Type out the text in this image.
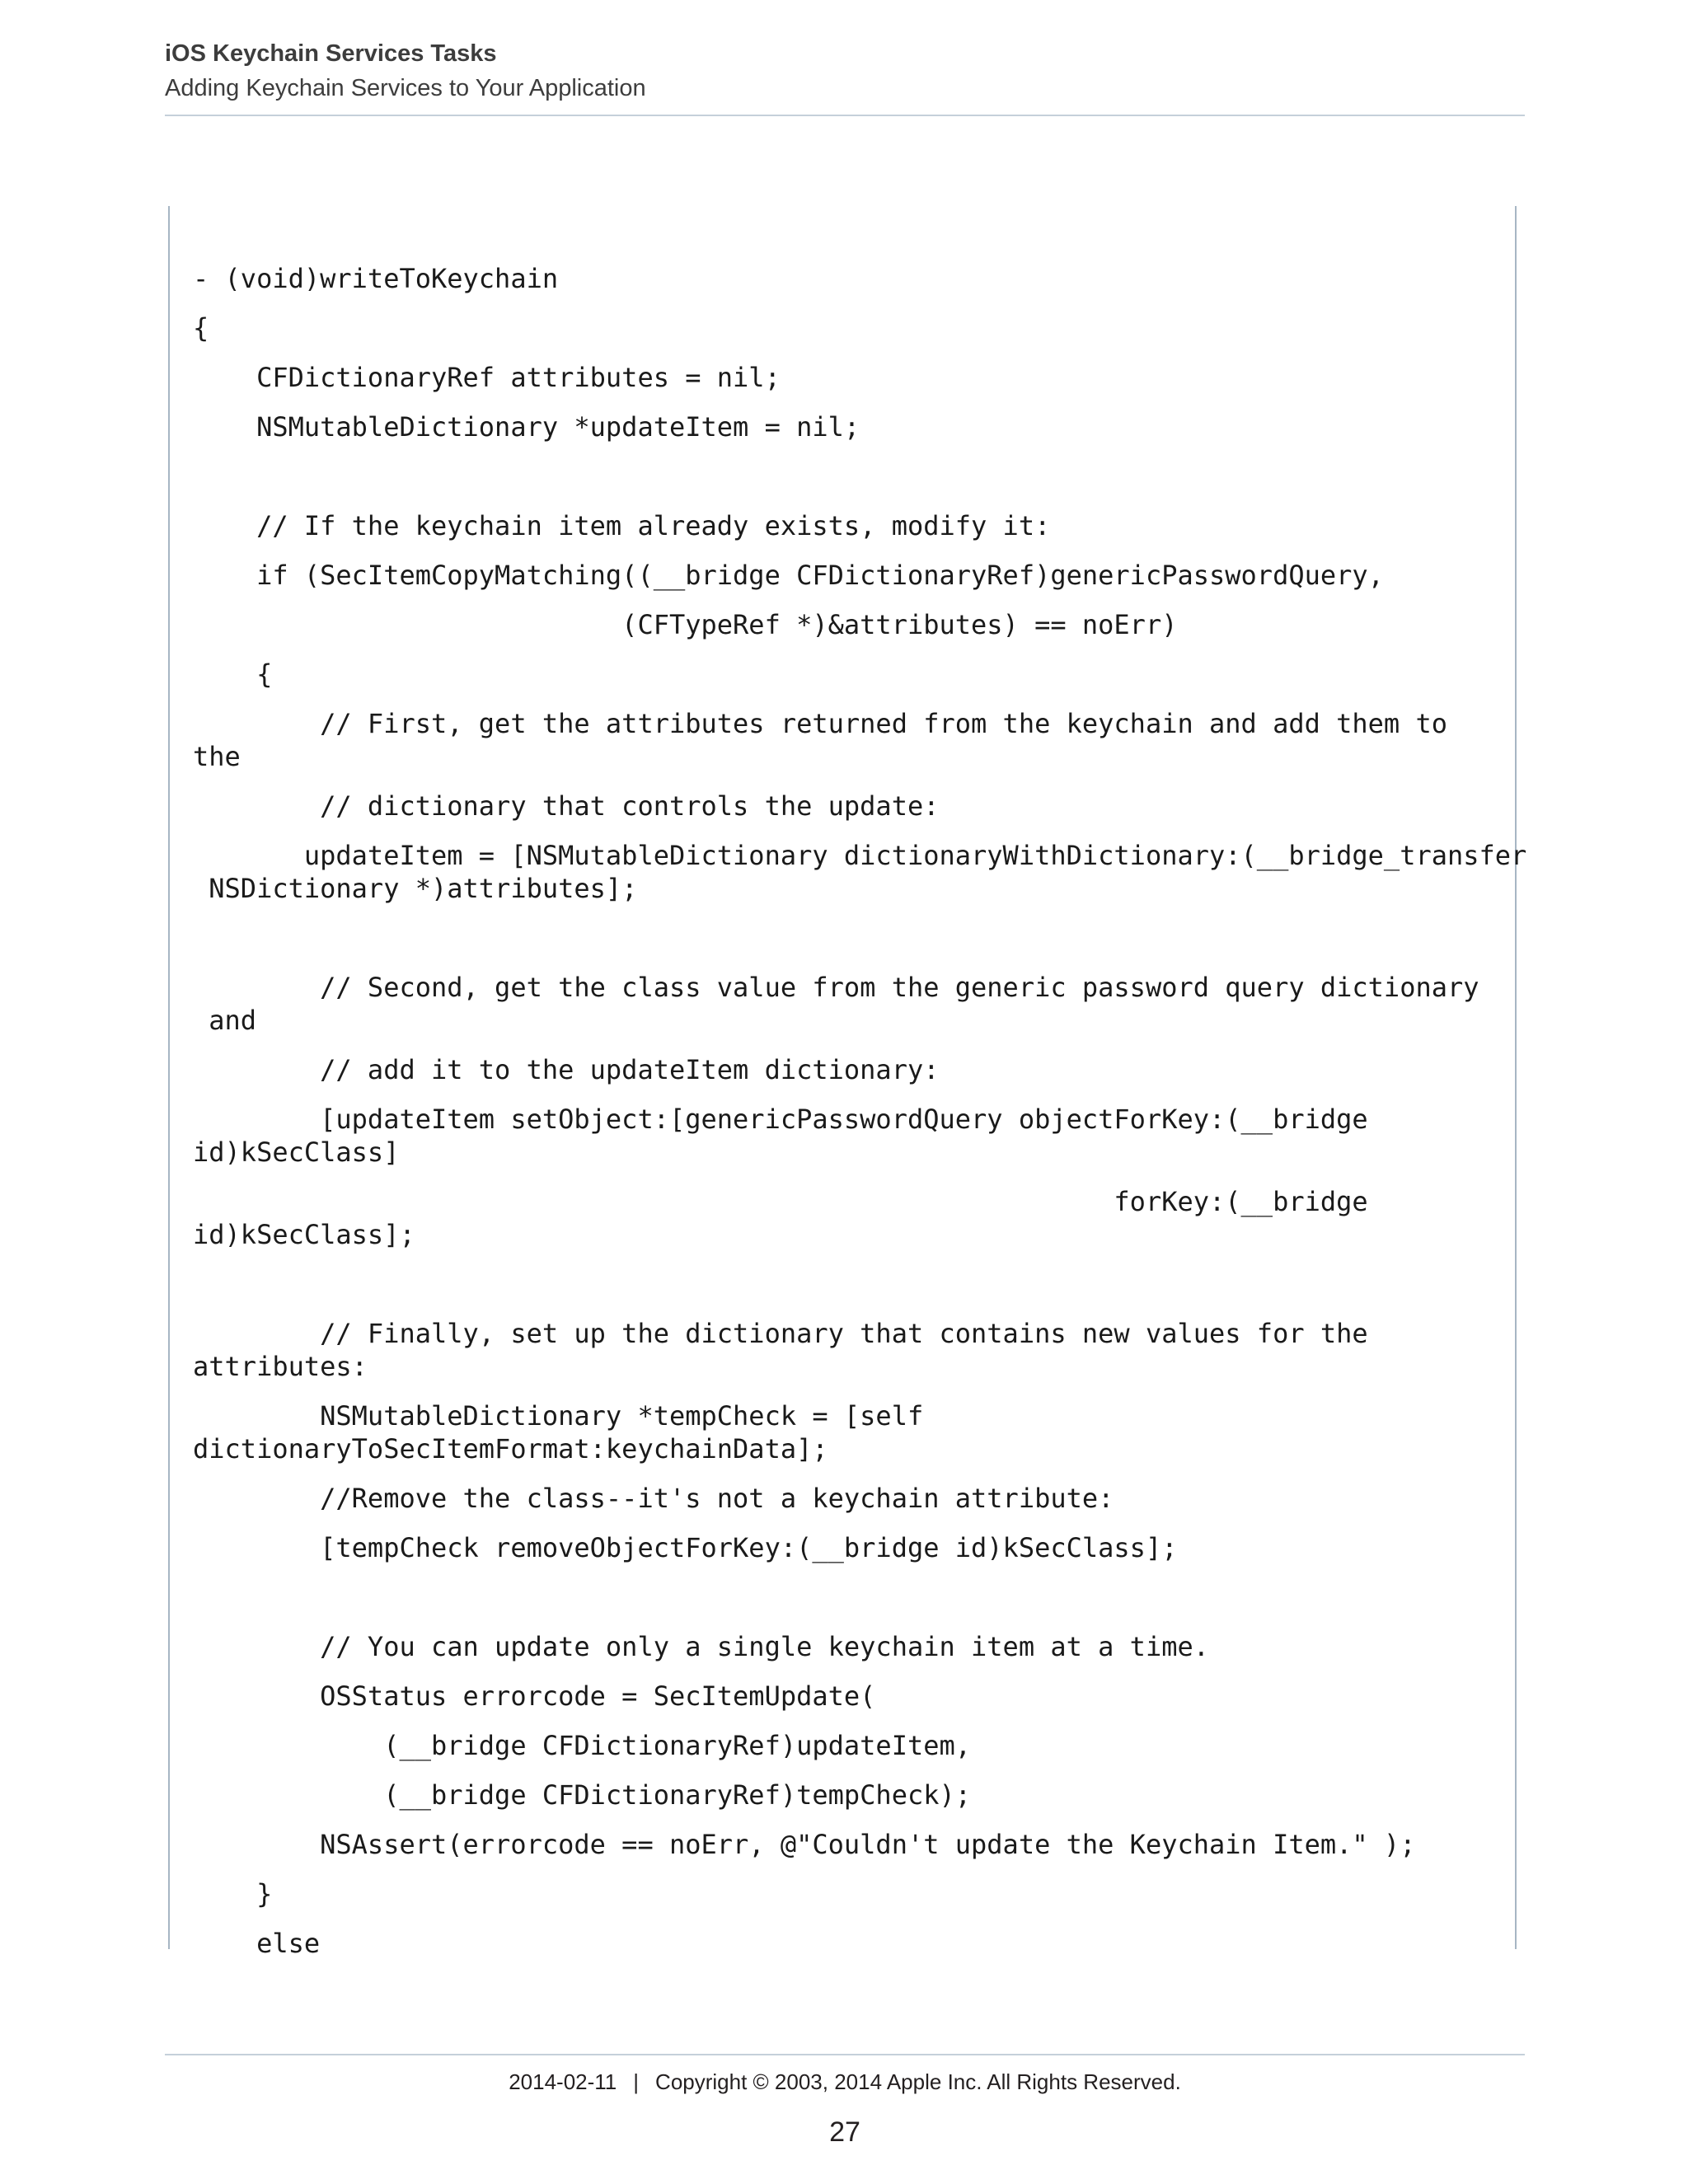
iOS Keychain Services Tasks

Adding Keychain Services to Your Application

- (void)writeToKeychain
{
CFDictionaryRef attributes = nil;
NSMutableDictionary *updateItem = nil;
// If the keychain item already exists, modify it:
if (SecItemCopyMatching((__bridge CFDictionaryRef)genericPasswordQuery,
(CFTypeRef *)&attributes) == noErr)
{
// First, get the attributes returned from the keychain and add them to
the
// dictionary that controls the update:
updateItem = [NSMutableDictionary dictionaryWithDictionary:(__bridge_transfer
NSDictionary *)attributes];
// Second, get the class value from the generic password query dictionary
and
// add it to the updateItem dictionary:
[updateItem setObject:[genericPasswordQuery objectForKey:(__bridge
id)kSecClass]
forKey:(__bridge
id)kSecClass];
// Finally, set up the dictionary that contains new values for the
attributes:
NSMutableDictionary *tempCheck = [self
dictionaryToSecItemFormat:keychainData];
//Remove the class--it's not a keychain attribute:
[tempCheck removeObjectForKey:(__bridge id)kSecClass];
// You can update only a single keychain item at a time.
OSStatus errorcode = SecItemUpdate(
(__bridge CFDictionaryRef)updateItem,
(__bridge CFDictionaryRef)tempCheck);
NSAssert(errorcode == noErr, @"Couldn't update the Keychain Item." );
}
else
2014-02-11 | Copyright © 2003, 2014 Apple Inc. All Rights Reserved.
27
